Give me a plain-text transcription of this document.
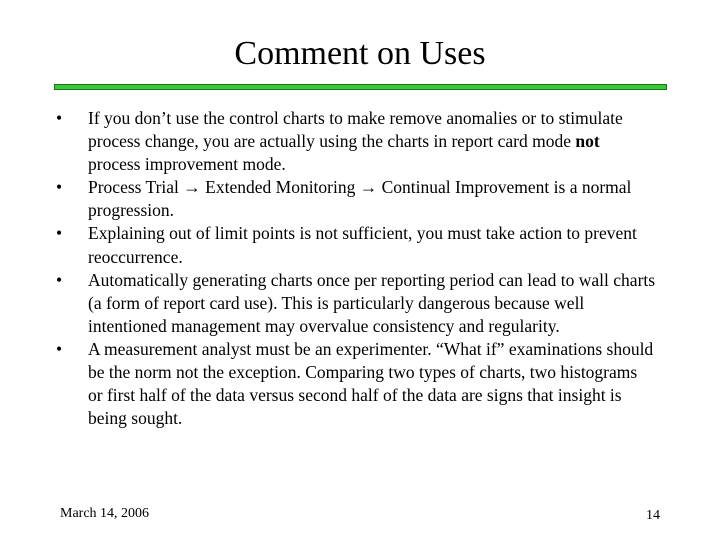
Comment on Uses
• If you don’t use the control charts to make remove anomalies or to stimulate process change, you are actually using the charts in report card mode not process improvement mode.
• Process Trial → Extended Monitoring → Continual Improvement is a normal progression.
• Explaining out of limit points is not sufficient, you must take action to prevent reoccurrence.
• Automatically generating charts once per reporting period can lead to wall charts (a form of report card use). This is particularly dangerous because well intentioned management may overvalue consistency and regularity.
• A measurement analyst must be an experimenter. “What if” examinations should be the norm not the exception. Comparing two types of charts, two histograms or first half of the data versus second half of the data are signs that insight is being sought.
March 14, 2006	14
